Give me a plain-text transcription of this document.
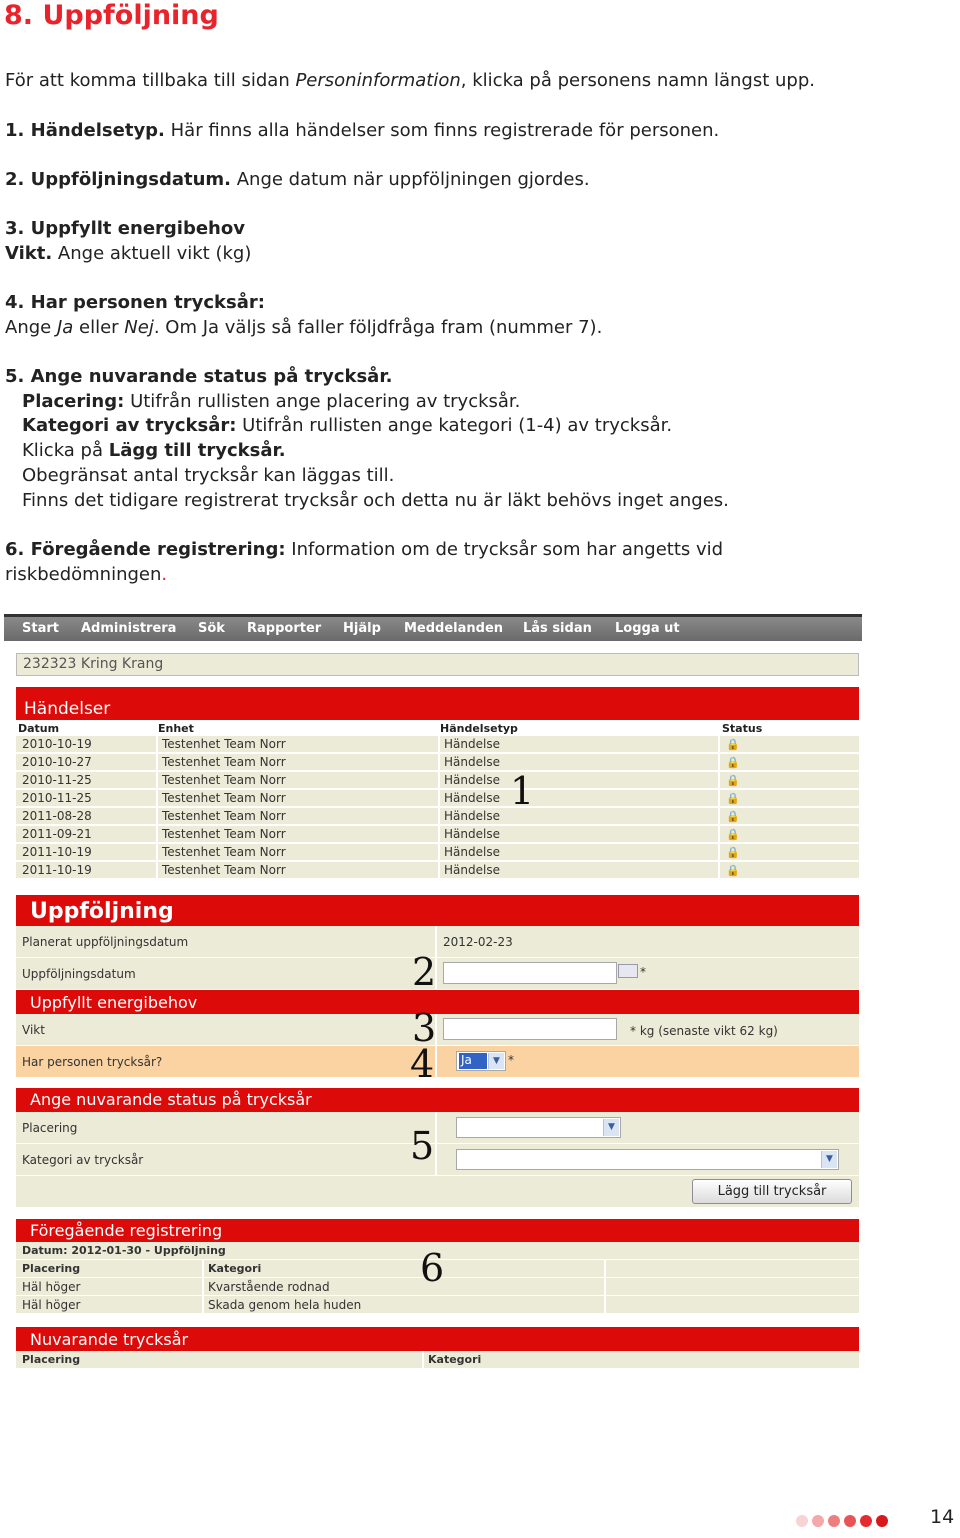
8. Uppföljning
För att komma tillbaka till sidan Personinformation, klicka på personens namn längst upp.
1. Händelsetyp. Här finns alla händelser som finns registrerade för personen.
2. Uppföljningsdatum. Ange datum när uppföljningen gjordes.
3. Uppfyllt energibehov
Vikt. Ange aktuell vikt (kg)
4. Har personen trycksår:
Ange Ja eller Nej. Om Ja väljs så faller följdfråga fram (nummer 7).
5. Ange nuvarande status på trycksår.
Placering: Utifrån rullisten ange placering av trycksår.
Kategori av trycksår: Utifrån rullisten ange kategori (1-4) av trycksår.
Klicka på Lägg till trycksår.
Obegränsat antal trycksår kan läggas till.
Finns det tidigare registrerat trycksår och detta nu är läkt behövs inget anges.
6. Föregående registrering: Information om de trycksår som har angetts vid
riskbedömningen.
Start Administrera Sök Rapporter Hjälp Meddelanden Lås sidan Logga ut
232323 Kring Krang
Händelser
Datum	Enhet	Händelsetyp	Status
2010-10-19	Testenhet Team Norr	Händelse	🔒
2010-10-27	Testenhet Team Norr	Händelse	🔒
2010-11-25	Testenhet Team Norr	Händelse	🔒
2010-11-25	Testenhet Team Norr	Händelse	🔒
2011-08-28	Testenhet Team Norr	Händelse	🔒
2011-09-21	Testenhet Team Norr	Händelse	🔒
2011-10-19	Testenhet Team Norr	Händelse	🔒
2011-10-19	Testenhet Team Norr	Händelse	🔒
Uppföljning
Planerat uppföljningsdatum	2012-02-23
Uppföljningsdatum	*
Uppfyllt energibehov
Vikt	* kg (senaste vikt 62 kg)
Har personen trycksår?	Ja	▼ *
Ange nuvarande status på trycksår
Placering	▼
Kategori av trycksår	▼
Lägg till trycksår
Föregående registrering
Datum: 2012-01-30 - Uppföljning
Placering	Kategori
Häl höger	Kvarstående rodnad
Häl höger	Skada genom hela huden
Nuvarande trycksår
Placering	Kategori
1
2
3
4
5
6
14
